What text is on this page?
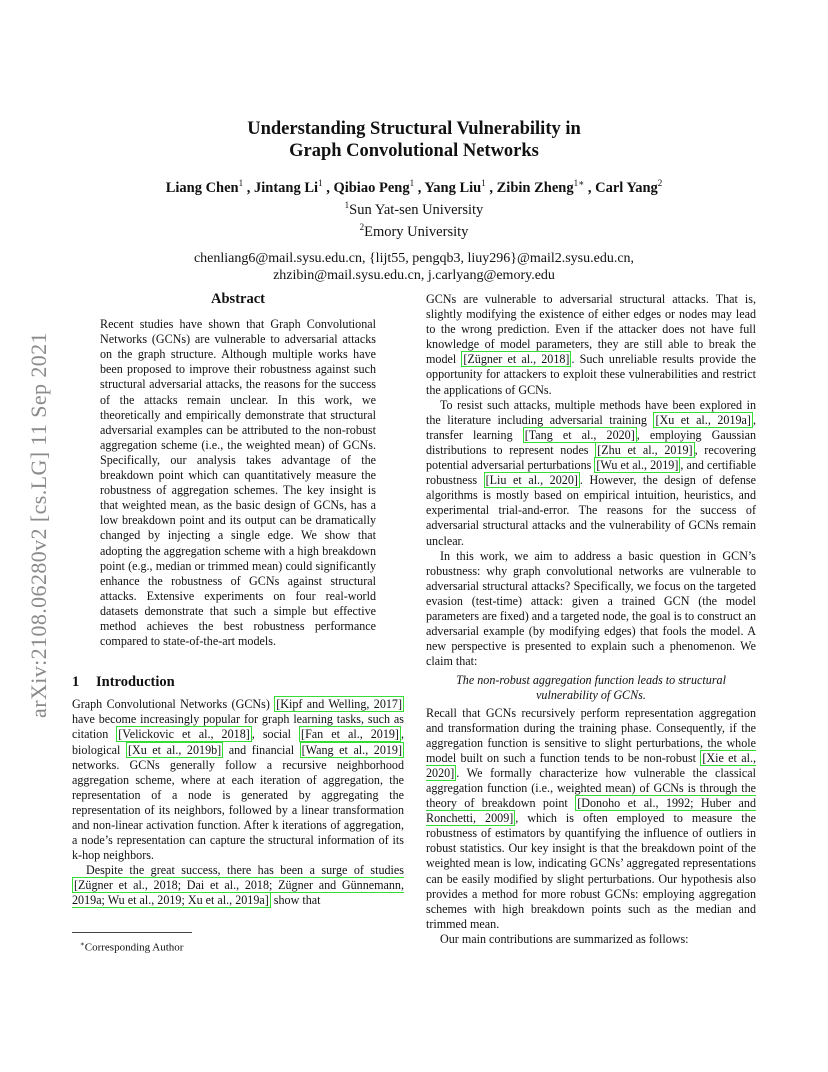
arXiv:2108.06280v2 [cs.LG] 11 Sep 2021
Understanding Structural Vulnerability in
Graph Convolutional Networks
Liang Chen$^1$ , Jintang Li$^1$ , Qibiao Peng$^1$ , Yang Liu$^1$ , Zibin Zheng$^{1∗}$ , Carl Yang$^2$
$^1$Sun Yat-sen University
$^2$Emory University
chenliang6@mail.sysu.edu.cn, {lijt55, pengqb3, liuy296}@mail2.sysu.edu.cn,
zhzibin@mail.sysu.edu.cn, j.carlyang@emory.edu
Abstract

Recent studies have shown that Graph Convolutional Networks (GCNs) are vulnerable to adversarial attacks on the graph structure. Although multiple works have been proposed to improve their robustness against such structural adversarial attacks, the reasons for the success of the attacks remain unclear. In this work, we theoretically and empirically demonstrate that structural adversarial examples can be attributed to the non-robust aggregation scheme (i.e., the weighted mean) of GCNs. Specifically, our analysis takes advantage of the breakdown point which can quantitatively measure the robustness of aggregation schemes. The key insight is that weighted mean, as the basic design of GCNs, has a low breakdown point and its output can be dramatically changed by injecting a single edge. We show that adopting the aggregation scheme with a high breakdown point (e.g., median or trimmed mean) could significantly enhance the robustness of GCNs against structural attacks. Extensive experiments on four real-world datasets demonstrate that such a simple but effective method achieves the best robustness performance compared to state-of-the-art models.

1 Introduction

Graph Convolutional Networks (GCNs) [Kipf and Welling, 2017] have become increasingly popular for graph learning tasks, such as citation [Velickovic et al., 2018] , social [Fan et al., 2019] , biological [Xu et al., 2019b] and financial [Wang et al., 2019] networks. GCNs generally follow a recursive neighborhood aggregation scheme, where at each iteration of aggregation, the representation of a node is generated by aggregating the representation of its neighbors, followed by a linear transformation and non-linear activation function. After k iterations of aggregation, a node’s representation can capture the structural information of its k-hop neighbors.

Despite the great success, there has been a surge of studies [Zügner et al., 2018; Dai et al., 2018; Zügner and Günnemann, 2019a; Wu et al., 2019; Xu et al., 2019a] show that

∗Corresponding Author

GCNs are vulnerable to adversarial structural attacks. That is, slightly modifying the existence of either edges or nodes may lead to the wrong prediction. Even if the attacker does not have full knowledge of model parameters, they are still able to break the model [Zügner et al., 2018] . Such unreliable results provide the opportunity for attackers to exploit these vulnerabilities and restrict the applications of GCNs.

To resist such attacks, multiple methods have been explored in the literature including adversarial training [Xu et al., 2019a] , transfer learning [Tang et al., 2020] , employing Gaussian distributions to represent nodes [Zhu et al., 2019] , recovering potential adversarial perturbations [Wu et al., 2019] , and certifiable robustness [Liu et al., 2020] . However, the design of defense algorithms is mostly based on empirical intuition, heuristics, and experimental trial-and-error. The reasons for the success of adversarial structural attacks and the vulnerability of GCNs remain unclear.

In this work, we aim to address a basic question in GCN’s robustness: why graph convolutional networks are vulnerable to adversarial structural attacks? Specifically, we focus on the targeted evasion (test-time) attack: given a trained GCN (the model parameters are fixed) and a targeted node, the goal is to construct an adversarial example (by modifying edges) that fools the model. A new perspective is presented to explain such a phenomenon. We claim that:

The non-robust aggregation function leads to structural vulnerability of GCNs.

Recall that GCNs recursively perform representation aggregation and transformation during the training phase. Consequently, if the aggregation function is sensitive to slight perturbations, the whole model built on such a function tends to be non-robust [Xie et al., 2020] . We formally characterize how vulnerable the classical aggregation function (i.e., weighted mean) of GCNs is through the theory of breakdown point [Donoho et al., 1992; Huber and Ronchetti, 2009] , which is often employed to measure the robustness of estimators by quantifying the influence of outliers in robust statistics. Our key insight is that the breakdown point of the weighted mean is low, indicating GCNs’ aggregated representations can be easily modified by slight perturbations. Our hypothesis also provides a method for more robust GCNs: employing aggregation schemes with high breakdown points such as the median and trimmed mean.

Our main contributions are summarized as follows:
